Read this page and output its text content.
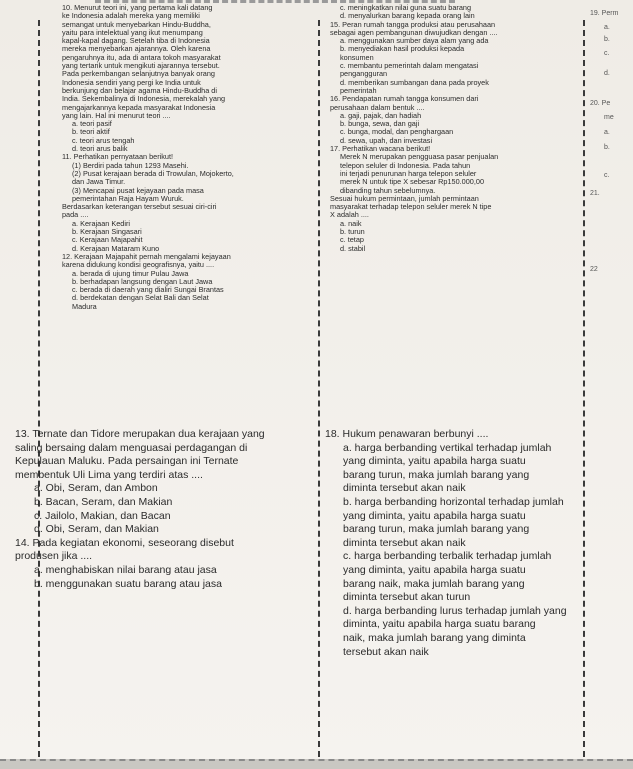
10. Menurut teori ini, yang pertama kali datang
ke Indonesia adalah mereka yang memiliki
semangat untuk menyebarkan Hindu-Buddha,
yaitu para intelektual yang ikut menumpang
kapal-kapal dagang. Setelah tiba di Indonesia
mereka menyebarkan ajarannya. Oleh karena
pengaruhnya itu, ada di antara tokoh masyarakat
yang tertarik untuk mengikuti ajarannya tersebut.
Pada perkembangan selanjutnya banyak orang
Indonesia sendiri yang pergi ke India untuk
berkunjung dan belajar agama Hindu-Buddha di
India. Sekembalinya di Indonesia, merekalah yang
mengajarkannya kepada masyarakat Indonesia
yang lain. Hal ini menurut teori ....
a. teori pasif
b. teori aktif
c. teori arus tengah
d. teori arus balik
11. Perhatikan pernyataan berikut!
(1) Berdiri pada tahun 1293 Masehi.
(2) Pusat kerajaan berada di Trowulan, Mojokerto,
dan Jawa Timur.
(3) Mencapai pusat kejayaan pada masa
pemerintahan Raja Hayam Wuruk.
Berdasarkan keterangan tersebut sesuai ciri-ciri
pada ....
a. Kerajaan Kediri
b. Kerajaan Singasari
c. Kerajaan Majapahit
d. Kerajaan Mataram Kuno
12. Kerajaan Majapahit pernah mengalami kejayaan
karena didukung kondisi geografisnya, yaitu ....
a. berada di ujung timur Pulau Jawa
b. berhadapan langsung dengan Laut Jawa
c. berada di daerah yang dialiri Sungai Brantas
d. berdekatan dengan Selat Bali dan Selat
Madura
c. meningkatkan nilai guna suatu barang
d. menyalurkan barang kepada orang lain
15. Peran rumah tangga produksi atau perusahaan
sebagai agen pembangunan diwujudkan dengan ....
a. menggunakan sumber daya alam yang ada
b. menyediakan hasil produksi kepada
konsumen
c. membantu pemerintah dalam mengatasi
pengangguran
d. memberikan sumbangan dana pada proyek
pemerintah
16. Pendapatan rumah tangga konsumen dari
perusahaan dalam bentuk ....
a. gaji, pajak, dan hadiah
b. bunga, sewa, dan gaji
c. bunga, modal, dan penghargaan
d. sewa, upah, dan investasi
17. Perhatikan wacana berikut!
Merek N merupakan pengguasa pasar penjualan
telepon seluler di Indonesia. Pada tahun
ini terjadi penurunan harga telepon seluler
merek N untuk tipe X sebesar Rp150.000,00
dibanding tahun sebelumnya.
Sesuai hukum permintaan, jumlah permintaan
masyarakat terhadap telepon seluler merek N tipe
X adalah ....
a. naik
b. turun
c. tetap
d. stabil
19. Perm
a.
b.
c.
d.
20. Pe
me
a.
b.
c.
21.
22
13. Ternate dan Tidore merupakan dua kerajaan yang
saling bersaing dalam menguasai perdagangan di
Kepulauan Maluku. Pada persaingan ini Ternate
membentuk Uli Lima yang terdiri atas ....
a. Obi, Seram, dan Ambon
b. Bacan, Seram, dan Makian
c. Jailolo, Makian, dan Bacan
d. Obi, Seram, dan Makian
14. Pada kegiatan ekonomi, seseorang disebut
produsen jika ....
a. menghabiskan nilai barang atau jasa
b. menggunakan suatu barang atau jasa
18. Hukum penawaran berbunyi ....
a. harga berbanding vertikal terhadap jumlah
yang diminta, yaitu apabila harga suatu
barang turun, maka jumlah barang yang
diminta tersebut akan naik
b. harga berbanding horizontal terhadap jumlah
yang diminta, yaitu apabila harga suatu
barang turun, maka jumlah barang yang
diminta tersebut akan naik
c. harga berbanding terbalik terhadap jumlah
yang diminta, yaitu apabila harga suatu
barang naik, maka jumlah barang yang
diminta tersebut akan turun
d. harga berbanding lurus terhadap jumlah yang
diminta, yaitu apabila harga suatu barang
naik, maka jumlah barang yang diminta
tersebut akan naik
